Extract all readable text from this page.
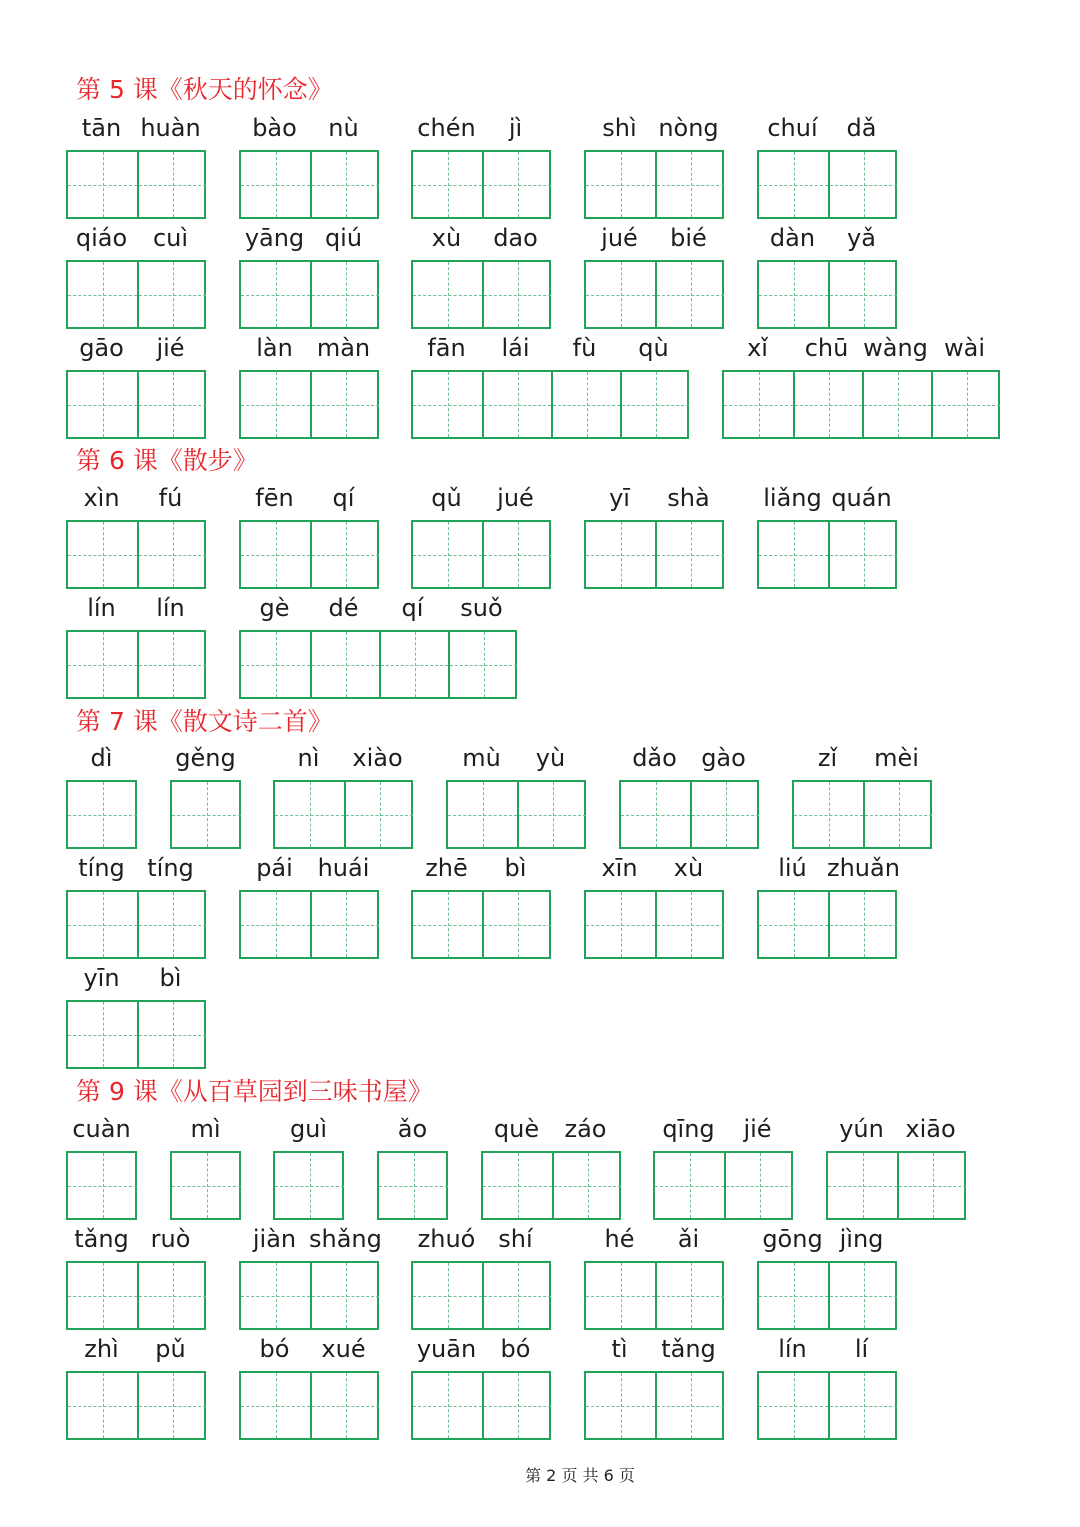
第 5 课《秋天的怀念》
tān huàn	bào	nù	chén	jì	shì nòng	chuí	dǎ
qiáo	cuì	yāng qiú	xù	dao	jué	bié	dàn	yǎ
gāo	jié	làn	màn	fān	lái	fù	qù	xǐ	chū wàng wài
第 6 课《散步》
xìn	fú	fēn	qí	qǔ	jué	yī	shà	liǎng quán
lín	lín	gè	dé	qí	suǒ
第 7 课《散文诗二首》
dì	gěng	nì	xiào	mù	yù	dǎo	gào	zǐ	mèi
tíng tíng	pái	huái	zhē	bì	xīn	xù	liú zhuǎn
yīn	bì
第 9 课《从百草园到三味书屋》
cuàn	mì	guì	ǎo	què	záo	qīng	jié	yún xiāo
tǎng ruò	jiàn shǎng zhuó shí	hé	ǎi	gōng jìng
zhì	pǔ	bó	xué	yuān	bó	tì	tǎng	lín	lí
第 2 页 共 6 页
